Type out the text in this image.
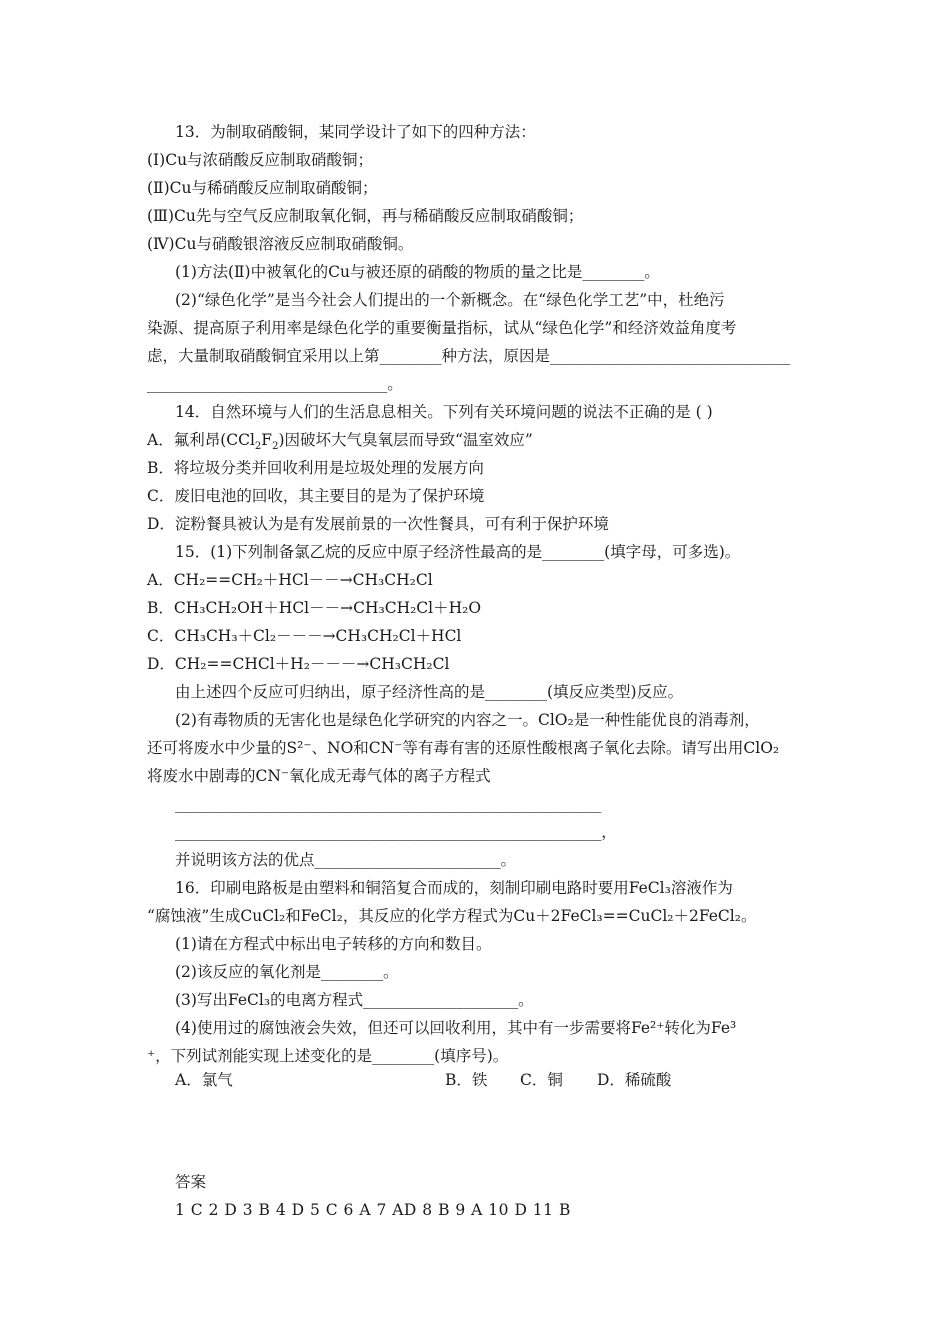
13．为制取硝酸铜，某同学设计了如下的四种方法：
(Ⅰ)Cu与浓硝酸反应制取硝酸铜；
(Ⅱ)Cu与稀硝酸反应制取硝酸铜；
(Ⅲ)Cu先与空气反应制取氧化铜，再与稀硝酸反应制取硝酸铜；
(Ⅳ)Cu与硝酸银溶液反应制取硝酸铜。
(1)方法(Ⅱ)中被氧化的Cu与被还原的硝酸的物质的量之比是________。
(2)“绿色化学”是当今社会人们提出的一个新概念。在“绿色化学工艺”中，杜绝污
染源、提高原子利用率是绿色化学的重要衡量指标，试从“绿色化学”和经济效益角度考
虑，大量制取硝酸铜宜采用以上第________种方法，原因是_______________________________
_______________________________。
14．自然环境与人们的生活息息相关。下列有关环境问题的说法不正确的是 ( )
A．氟利昂$(CCl_2F_2)$因破坏大气臭氧层而导致“温室效应”
B．将垃圾分类并回收利用是垃圾处理的发展方向
C．废旧电池的回收，其主要目的是为了保护环境
D．淀粉餐具被认为是有发展前景的一次性餐具，可有利于保护环境
15．(1)下列制备氯乙烷的反应中原子经济性最高的是________(填字母，可多选)。
A．CH₂==CH₂＋HCl－－→CH₃CH₂Cl
B．CH₃CH₂OH＋HCl－－→CH₃CH₂Cl＋H₂O
C．CH₃CH₃＋Cl₂－－－→CH₃CH₂Cl＋HCl
D．CH₂==CHCl＋H₂－－－→CH₃CH₂Cl
由上述四个反应可归纳出，原子经济性高的是________(填反应类型)反应。
(2)有毒物质的无害化也是绿色化学研究的内容之一。ClO₂是一种性能优良的消毒剂，
还可将废水中少量的S²⁻、NO和CN⁻等有毒有害的还原性酸根离子氧化去除。请写出用ClO₂
将废水中剧毒的CN⁻氧化成无毒气体的离子方程式
_______________________________________________________
_______________________________________________________，
并说明该方法的优点________________________。
16．印刷电路板是由塑料和铜箔复合而成的，刻制印刷电路时要用FeCl₃溶液作为
“腐蚀液”生成CuCl₂和FeCl₂，其反应的化学方程式为Cu＋2FeCl₃==CuCl₂＋2FeCl₂。
(1)请在方程式中标出电子转移的方向和数目。
(2)该反应的氧化剂是________。
(3)写出FeCl₃的电离方程式____________________。
(4)使用过的腐蚀液会失效，但还可以回收利用，其中有一步需要将Fe²⁺转化为Fe³
⁺，下列试剂能实现上述变化的是________(填序号)。
A．氯气	B．铁 C．铜 D．稀硫酸
答案
1 C 2 D 3 B 4 D 5 C 6 A 7 AD 8 B 9 A 10 D 11 B
